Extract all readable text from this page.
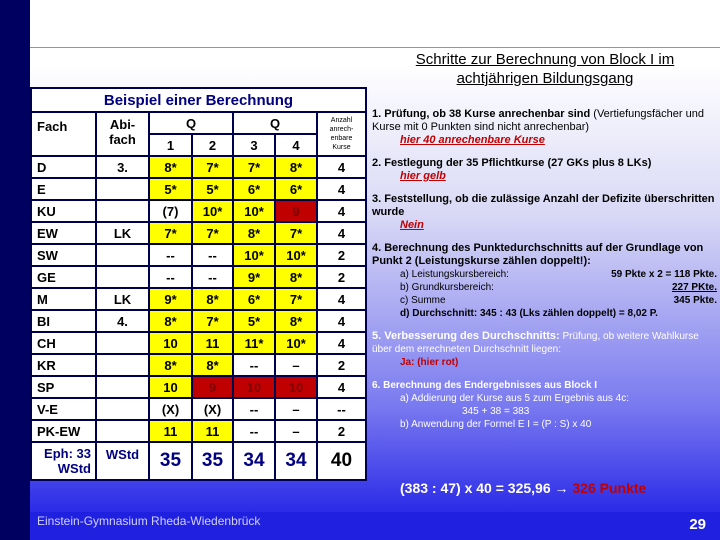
Schritte zur Berechnung von Block I im achtjährigen Bildungsgang
Beispiel einer Berechnung						
Fach	Abi-fach	Q		Q		Anzahl anrech-enbare Kurse
		1	2	3	4	
D	3.	8*	7*	7*	8*	4
E		5*	5*	6*	6*	4
KU		(7)	10*	10*	9	4
EW	LK	7*	7*	8*	7*	4
SW		--	--	10*	10*	2
GE		--	--	9*	8*	2
M	LK	9*	8*	6*	7*	4
BI	4.	8*	7*	5*	8*	4
CH		10	11	11*	10*	4
KR		8*	8*	--	–	2
SP		10	9	10	10	4
V-E		(X)	(X)	--	–	--
PK-EW		11	11	--	–	2
Eph: 33 WStd	WStd	35	35	34	34	40
1. Prüfung, ob 38 Kurse anrechenbar sind (Vertiefungsfächer und Kurse mit 0 Punkten sind nicht anrechenbar)
hier 40 anrechenbare Kurse
2. Festlegung der 35 Pflichtkurse (27 GKs plus 8 LKs)
hier gelb
3. Feststellung, ob die zulässige Anzahl der Defizite überschritten wurde
Nein
4. Berechnung des Punktedurchschnitts auf der Grundlage von Punkt 2 (Leistungskurse zählen doppelt!):
a) Leistungskursbereich:	59 Pkte x 2 = 118 Pkte.
b) Grundkursbereich:	227 PKte.
c) Summe	345 Pkte.
d) Durchschnitt: 345 : 43 (Lks zählen doppelt) = 8,02 P.
5. Verbesserung des Durchschnitts: Prüfung, ob weitere Wahlkurse über dem errechneten Durchschnitt liegen:
Ja: (hier rot)
6. Berechnung des Endergebnisses aus Block I
a) Addierung der Kurse aus 5 zum Ergebnis aus 4c:
345 + 38 = 383
b) Anwendung der Formel E I = (P : S) x 40
(383 : 47) x 40 = 325,96 → 326 Punkte
Einstein-Gymnasium Rheda-Wiedenbrück	29
